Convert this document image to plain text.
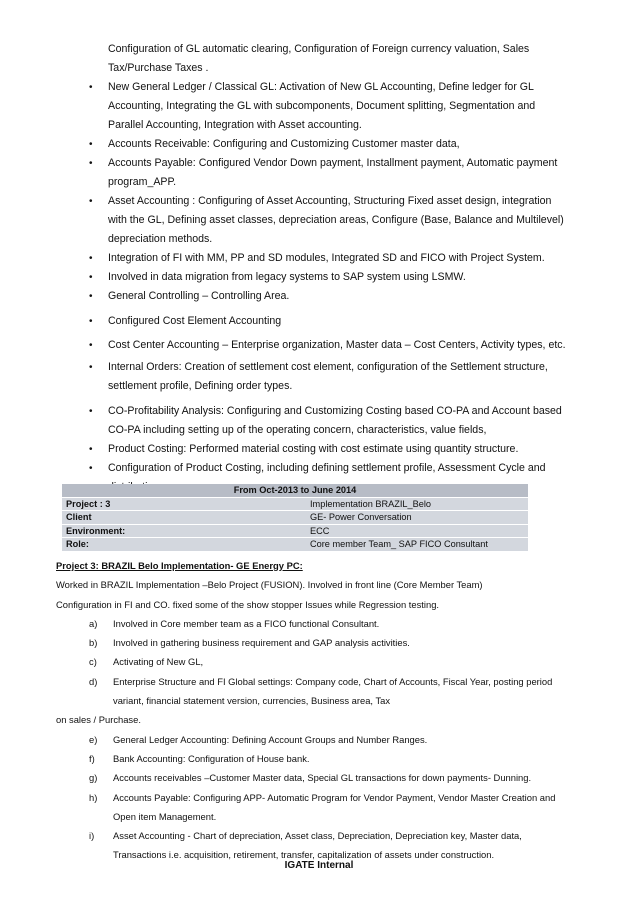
Configuration of GL automatic clearing, Configuration of Foreign currency valuation, Sales Tax/Purchase Taxes .

• New General Ledger / Classical GL: Activation of New GL Accounting, Define ledger for GL Accounting, Integrating the GL with subcomponents, Document splitting, Segmentation and Parallel Accounting, Integration with Asset accounting.
• Accounts Receivable: Configuring and Customizing Customer master data,
• Accounts Payable: Configured Vendor Down payment, Installment payment, Automatic payment program_APP.
• Asset Accounting : Configuring of Asset Accounting, Structuring Fixed asset design, integration with the GL, Defining asset classes, depreciation areas, Configure (Base, Balance and Multilevel) depreciation methods.
• Integration of FI with MM, PP and SD modules, Integrated SD and FICO with Project System.
• Involved in data migration from legacy systems to SAP system using LSMW.
• General Controlling – Controlling Area.
• Configured Cost Element Accounting
• Cost Center Accounting – Enterprise organization, Master data – Cost Centers, Activity types, etc.
• Internal Orders: Creation of settlement cost element, configuration of the Settlement structure, settlement profile, Defining order types.
• CO-Profitability Analysis: Configuring and Customizing Costing based CO-PA and Account based CO-PA including setting up of the operating concern, characteristics, value fields,
• Product Costing: Performed material costing with cost estimate using quantity structure.
• Configuration of Product Costing, including defining settlement profile, Assessment Cycle and
From Oct-2013 to June 2014	
Project : 3	Implementation BRAZIL_Belo
Client	GE- Power Conversation
Environment:	ECC
Role:	Core member Team_ SAP FICO Consultant

Project 3: BRAZIL Belo Implementation- GE Energy PC:

Worked in BRAZIL Implementation –Belo Project (FUSION). Involved in front line (Core Member Team)

Configuration in FI and CO. fixed some of the show stopper Issues while Regression testing.

a) Involved in Core member team as a FICO functional Consultant.
b) Involved in gathering business requirement and GAP analysis activities.
c) Activating of New GL,
d) Enterprise Structure and FI Global settings: Company code, Chart of Accounts, Fiscal Year, posting period variant, financial statement version, currencies, Business area, Tax

on sales / Purchase.

e) General Ledger Accounting: Defining Account Groups and Number Ranges.
f) Bank Accounting: Configuration of House bank.
g) Accounts receivables –Customer Master data, Special GL transactions for down payments- Dunning.
h) Accounts Payable: Configuring APP- Automatic Program for Vendor Payment, Vendor Master Creation and Open item Management.
i) Asset Accounting - Chart of depreciation, Asset class, Depreciation, Depreciation key, Master data, Transactions i.e. acquisition, retirement, transfer, capitalization of assets under construction.
IGATE Internal
